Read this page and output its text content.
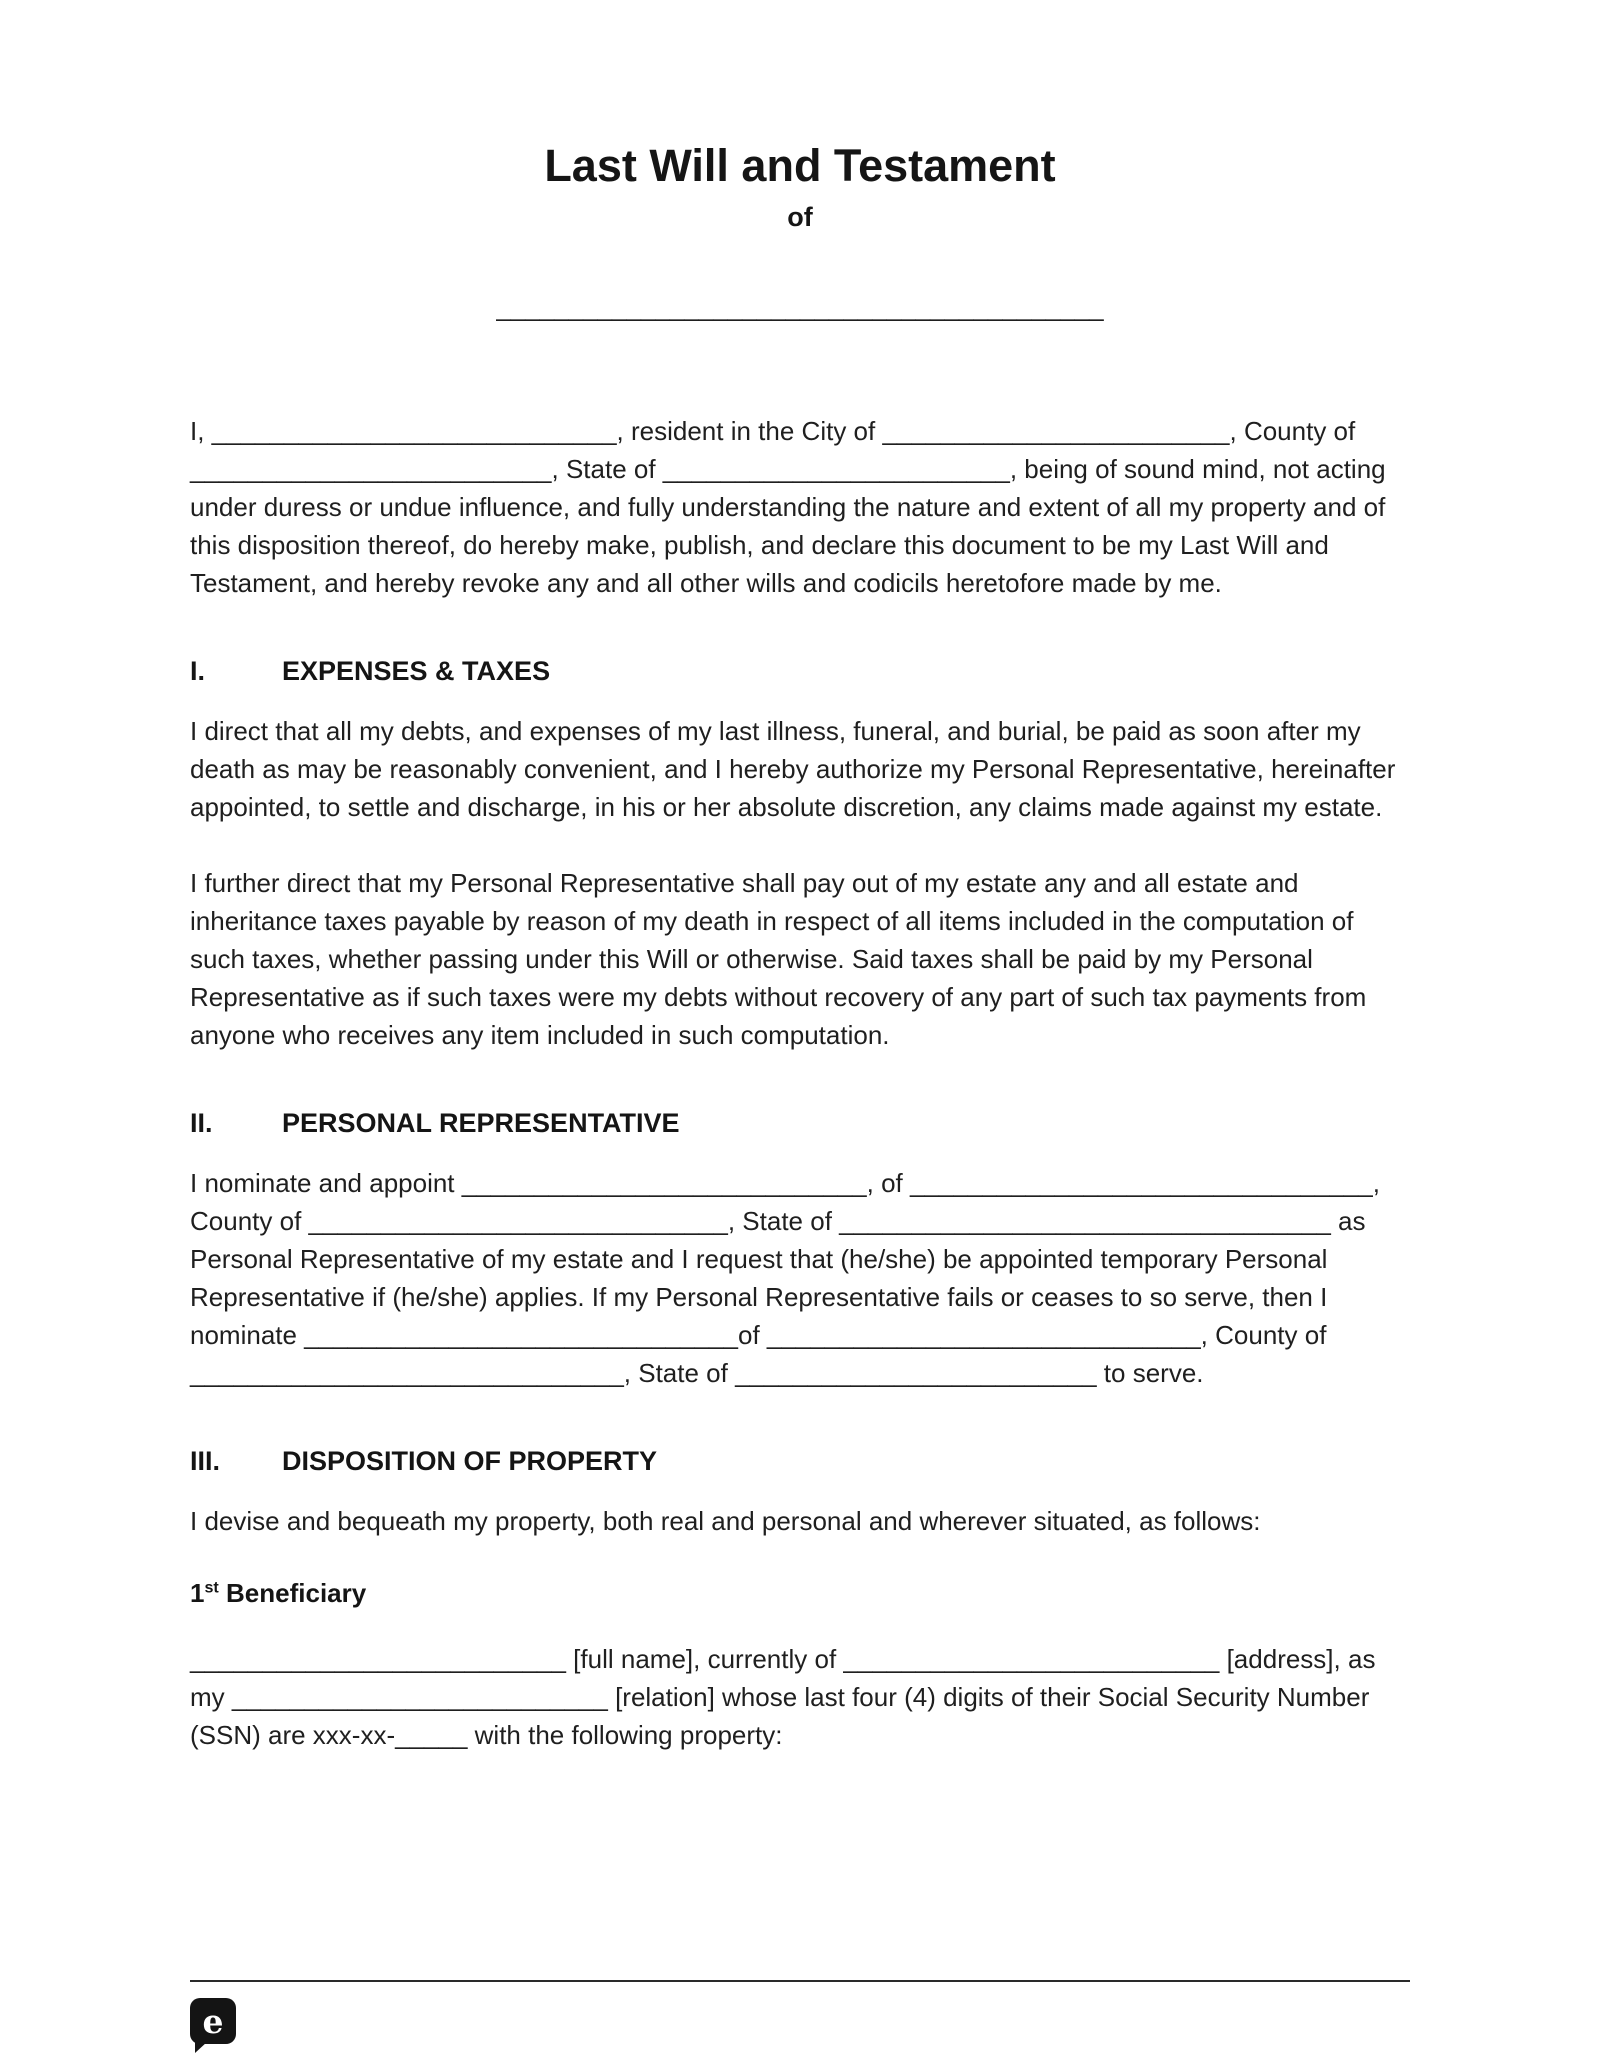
Last Will and Testament
of
__________________________________________

I, ____________________________, resident in the City of ________________________, County of _________________________, State of ________________________, being of sound mind, not acting under duress or undue influence, and fully understanding the nature and extent of all my property and of this disposition thereof, do hereby make, publish, and declare this document to be my Last Will and Testament, and hereby revoke any and all other wills and codicils heretofore made by me.

I.	EXPENSES & TAXES

I direct that all my debts, and expenses of my last illness, funeral, and burial, be paid as soon after my death as may be reasonably convenient, and I hereby authorize my Personal Representative, hereinafter appointed, to settle and discharge, in his or her absolute discretion, any claims made against my estate.

I further direct that my Personal Representative shall pay out of my estate any and all estate and inheritance taxes payable by reason of my death in respect of all items included in the computation of such taxes, whether passing under this Will or otherwise. Said taxes shall be paid by my Personal Representative as if such taxes were my debts without recovery of any part of such tax payments from anyone who receives any item included in such computation.

II.	PERSONAL REPRESENTATIVE

I nominate and appoint ____________________________, of ________________________________, County of _____________________________, State of __________________________________ as Personal Representative of my estate and I request that (he/she) be appointed temporary Personal Representative if (he/she) applies. If my Personal Representative fails or ceases to so serve, then I nominate ______________________________of ______________________________, County of ______________________________, State of _________________________ to serve.

III. DISPOSITION OF PROPERTY

I devise and bequeath my property, both real and personal and wherever situated, as follows:

1st Beneficiary

__________________________ [full name], currently of __________________________ [address], as my __________________________ [relation] whose last four (4) digits of their Social Security Number (SSN) are xxx-xx-_____ with the following property:

e
